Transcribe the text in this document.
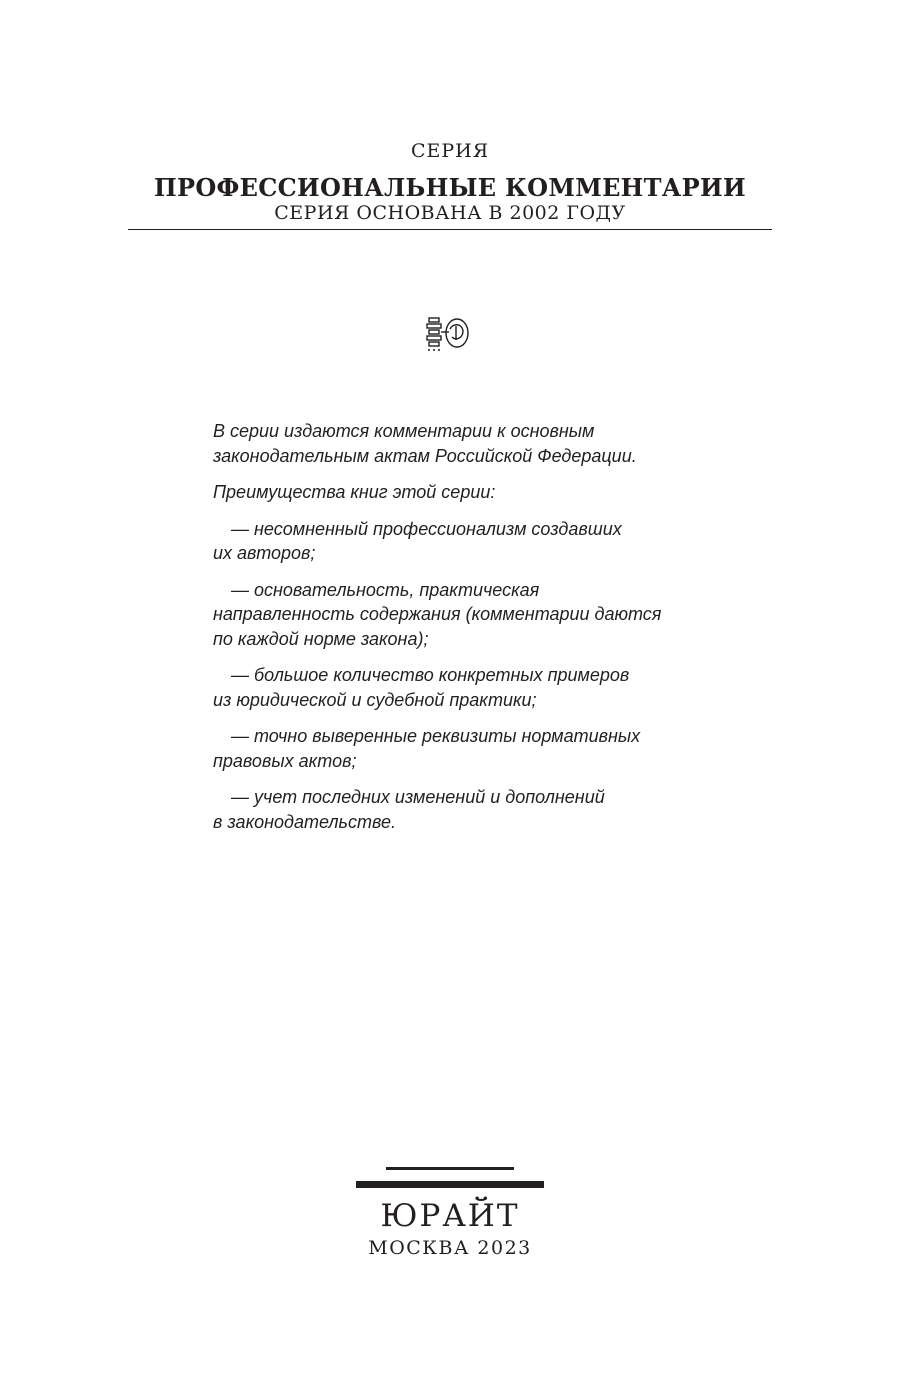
СЕРИЯ
ПРОФЕССИОНАЛЬНЫЕ КОММЕНТАРИИ
СЕРИЯ ОСНОВАНА В 2002 ГОДУ

В серии издаются комментарии к основным
законодательным актам Российской Федерации.

Преимущества книг этой серии:

— несомненный профессионализм создавших
их авторов;

— основательность, практическая
направленность содержания (комментарии даются
по каждой норме закона);

— большое количество конкретных примеров
из юридической и судебной практики;

— точно выверенные реквизиты нормативных
правовых актов;

— учет последних изменений и дополнений
в законодательстве.

ЮРАЙТ
МОСКВА 2023
